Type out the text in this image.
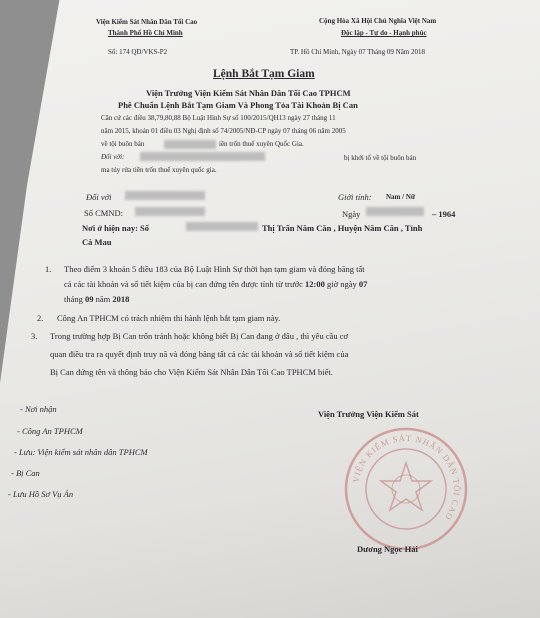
Viện Kiểm Sát Nhân Dân Tối Cao
Thành Phố Hồ Chí Minh
Số: 174 QĐ/VKS-P2
Cộng Hòa Xã Hội Chủ Nghĩa Việt Nam
Độc lập - Tự do - Hạnh phúc
TP. Hồ Chí Minh, Ngày 07 Tháng 09 Năm 2018
Lệnh Bắt Tạm Giam
Viện Trưởng Viện Kiểm Sát Nhân Dân Tối Cao TPHCM
Phê Chuẩn Lệnh Bắt Tạm Giam Và Phong Tỏa Tài Khoản Bị Can
Căn cứ các điều 38,79,80,88 Bộ Luật Hình Sự số 100/2015/QH13 ngày 27 tháng 11
năm 2015, khoản 01 điều 03 Nghị định số 74/2005/NĐ-CP ngày 07 tháng 06 năm 2005
về tội buôn bán	iền trốn thuế xuyên Quốc Gia.
Đối với:	bị khởi tố về tội buôn bán
ma túy rửa tiền trốn thuế xuyên quốc gia.
Đối với	Giới tính: Nam / Nữ
Số CMND:	Ngày	– 1964
Nơi ở hiện nay: Số	Thị Trấn Năm Căn , Huyện Năm Căn , Tỉnh
Cà Mau
1. Theo điểm 3 khoản 5 điều 183 của Bộ Luật Hình Sự thời hạn tạm giam và đóng băng tất
cả các tài khoản và sổ tiết kiệm của bị can đứng tên được tính từ trước 12:00 giờ ngày 07
tháng 09 năm 2018
2. Công An TPHCM có trách nhiệm thi hành lệnh bắt tạm giam này.
3. Trong trường hợp Bị Can trốn tránh hoặc không biết Bị Can đang ở đâu , thì yêu cầu cơ
quan điều tra ra quyết định truy nã và đóng băng tất cả các tài khoản và sổ tiết kiệm của
Bị Can đứng tên và thông báo cho Viện Kiểm Sát Nhân Dân Tối Cao TPHCM biết.
- Nơi nhận
- Công An TPHCM
- Lưu: Viện kiểm sát nhân dân TPHCM
- Bị Can
- Lưu Hồ Sơ Vụ Án
Viện Trưởng Viện Kiểm Sát
VIỆN KIỂM SÁT NHÂN DÂN TỐI CAO
Dương Ngọc Hải
